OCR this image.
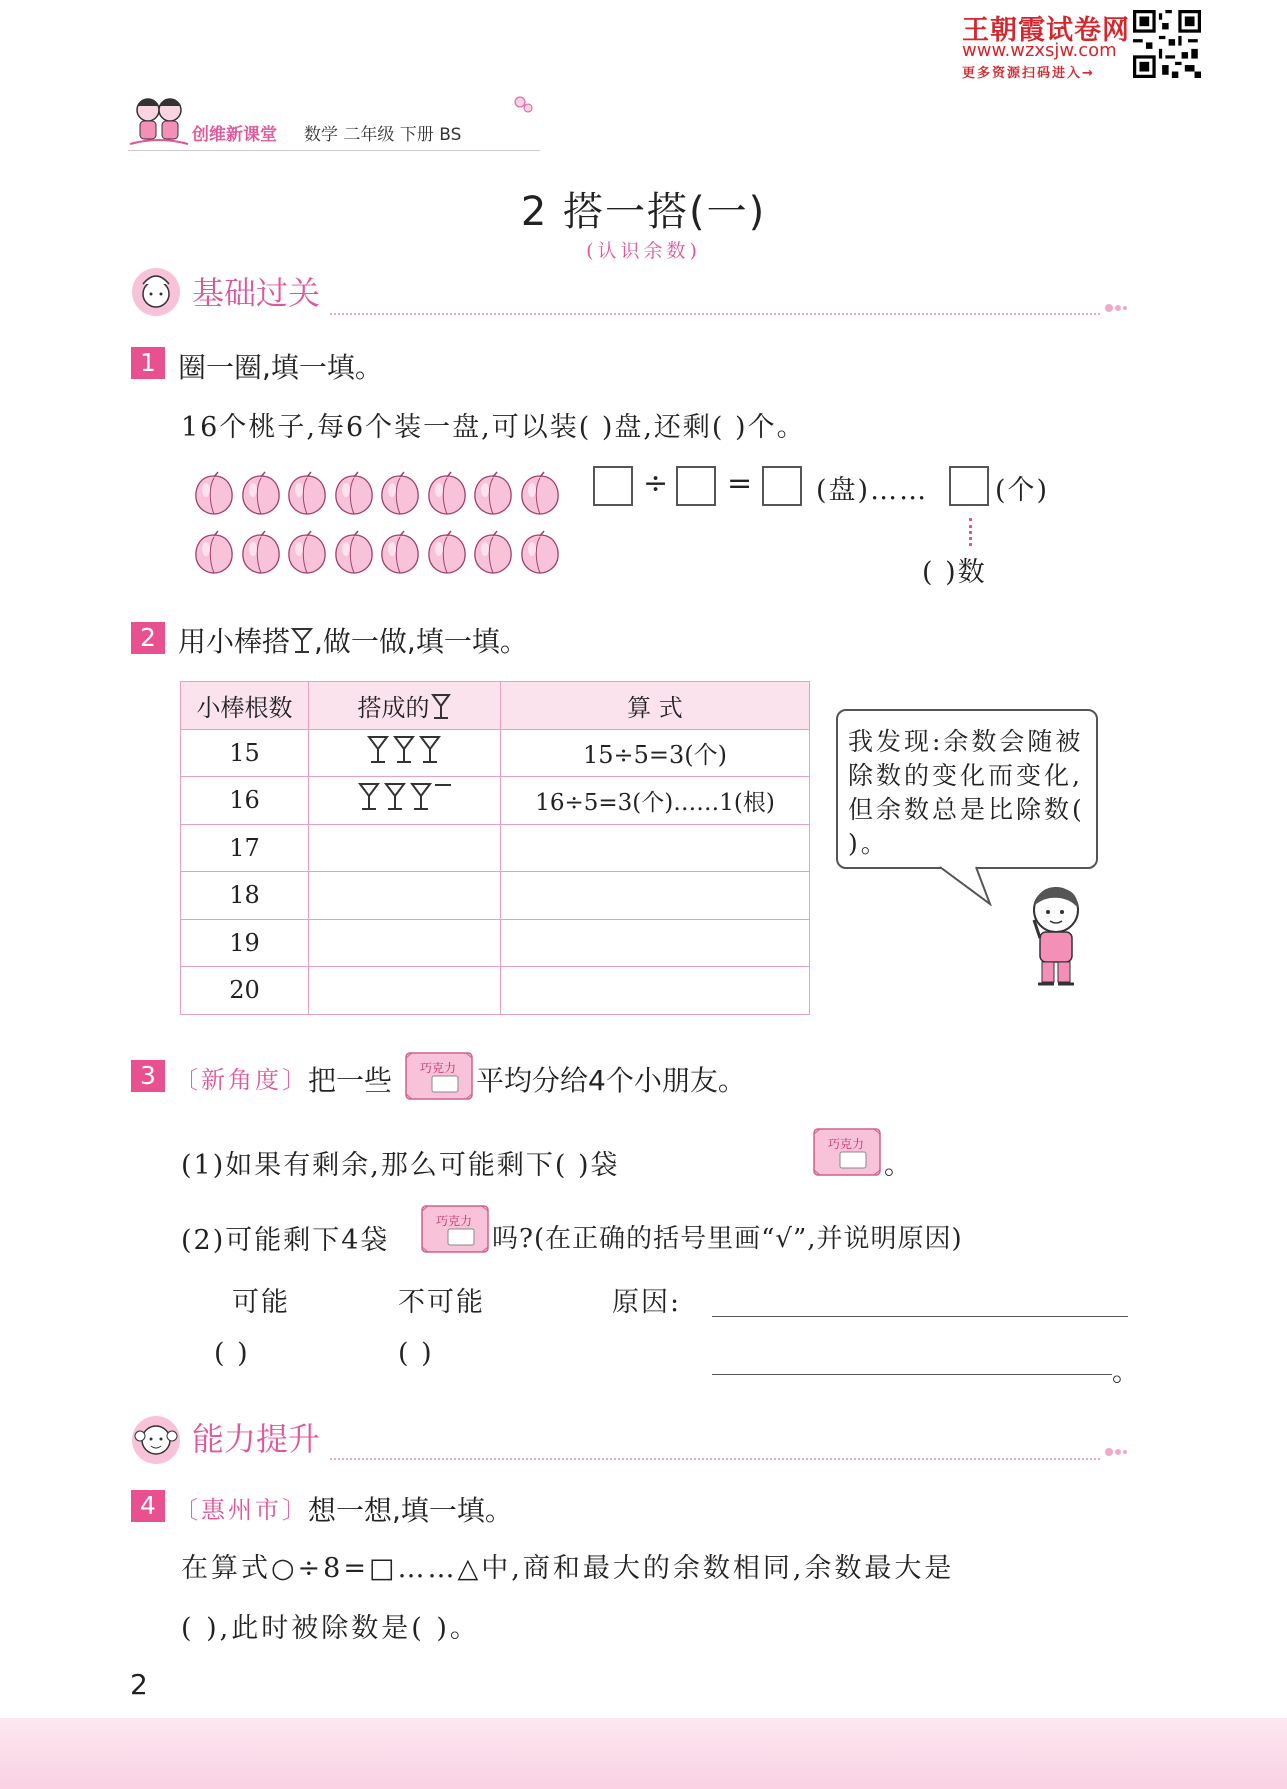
王朝霞试卷网
www.wzxsjw.com
更多资源扫码进入→
创维新课堂 数学 二年级 下册 BS
2 搭一搭(一)
(认识余数)
基础过关
1 圈一圈,填一填。
16个桃子,每6个装一盘,可以装( )盘,还剩( )个。
÷ = (盘)…… (个)
( )数
2 用小棒搭 ,做一做,填一填。
小棒根数	搭成的	算 式
15		15÷5=3(个)
16		16÷5=3(个)……1(根)
17		
18		
19		
20		
我发现:余数会随被除数的变化而变化,但余数总是比除数( )。
3 〔新角度〕 把一些 巧克力 平均分给4个小朋友。
(1)如果有剩余,那么可能剩下( )袋
巧克力
。
(2)可能剩下4袋
巧克力
吗?(在正确的括号里画“√”,并说明原因)
可能	不可能	原因:
( )	( )
。
能力提升
4 〔惠州市〕 想一想,填一填。
在算式○÷8=□……△中,商和最大的余数相同,余数最大是
( ),此时被除数是( )。
2
